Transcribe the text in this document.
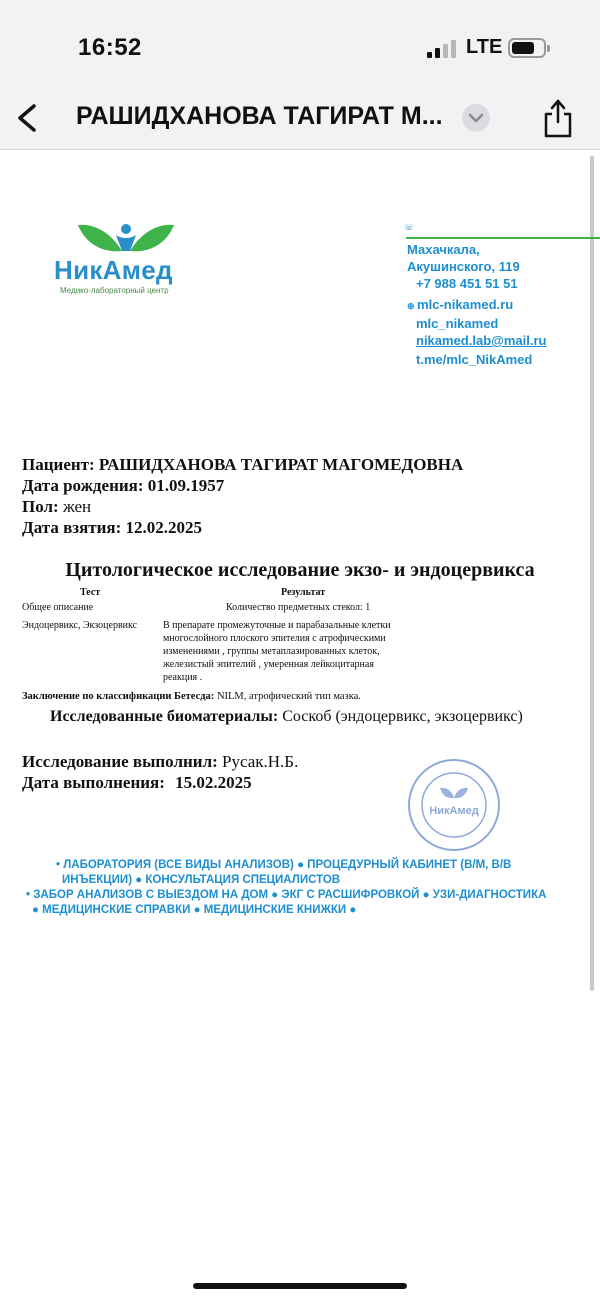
16:52	LTE
РАШИДХАНОВА ТАГИРАТ М...
НикАмед
Медико-лабораторный центр
☏
Махачкала,
Акушинского, 119
+7 988 451 51 51
⊕ mlc-nikamed.ru
mlc_nikamed
nikamed.lab@mail.ru
t.me/mlc_NikAmed
Пациент: РАШИДХАНОВА ТАГИРАТ МАГОМЕДОВНА
Дата рождения: 01.09.1957
Пол: жен
Дата взятия: 12.02.2025
Цитологическое исследование экзо- и эндоцервикса
Тест	Результат
Общее описание	Количество предметных стекол: 1
Эндоцервикс, Экзоцервикс	В препарате промежуточные и парабазальные клетки
многослойного плоского эпителия с атрофическими
изменениями , группы метаплазированных клеток,
железистый эпителий , умеренная лейкоцитарная
реакция .
Заключение по классификации Бетесда: NILM, атрофический тип мазка.
Исследованные биоматериалы: Соскоб (эндоцервикс, экзоцервикс)
Исследование выполнил: Русак.Н.Б.
Дата выполнения: 15.02.2025
НикАмед
• ЛАБОРАТОРИЯ (ВСЕ ВИДЫ АНАЛИЗОВ) ● ПРОЦЕДУРНЫЙ КАБИНЕТ (В/М, В/В
ИНЪЕКЦИИ) ● КОНСУЛЬТАЦИЯ СПЕЦИАЛИСТОВ
• ЗАБОР АНАЛИЗОВ С ВЫЕЗДОМ НА ДОМ ● ЭКГ С РАСШИФРОВКОЙ ● УЗИ-ДИАГНОСТИКА
● МЕДИЦИНСКИЕ СПРАВКИ ● МЕДИЦИНСКИЕ КНИЖКИ ●
